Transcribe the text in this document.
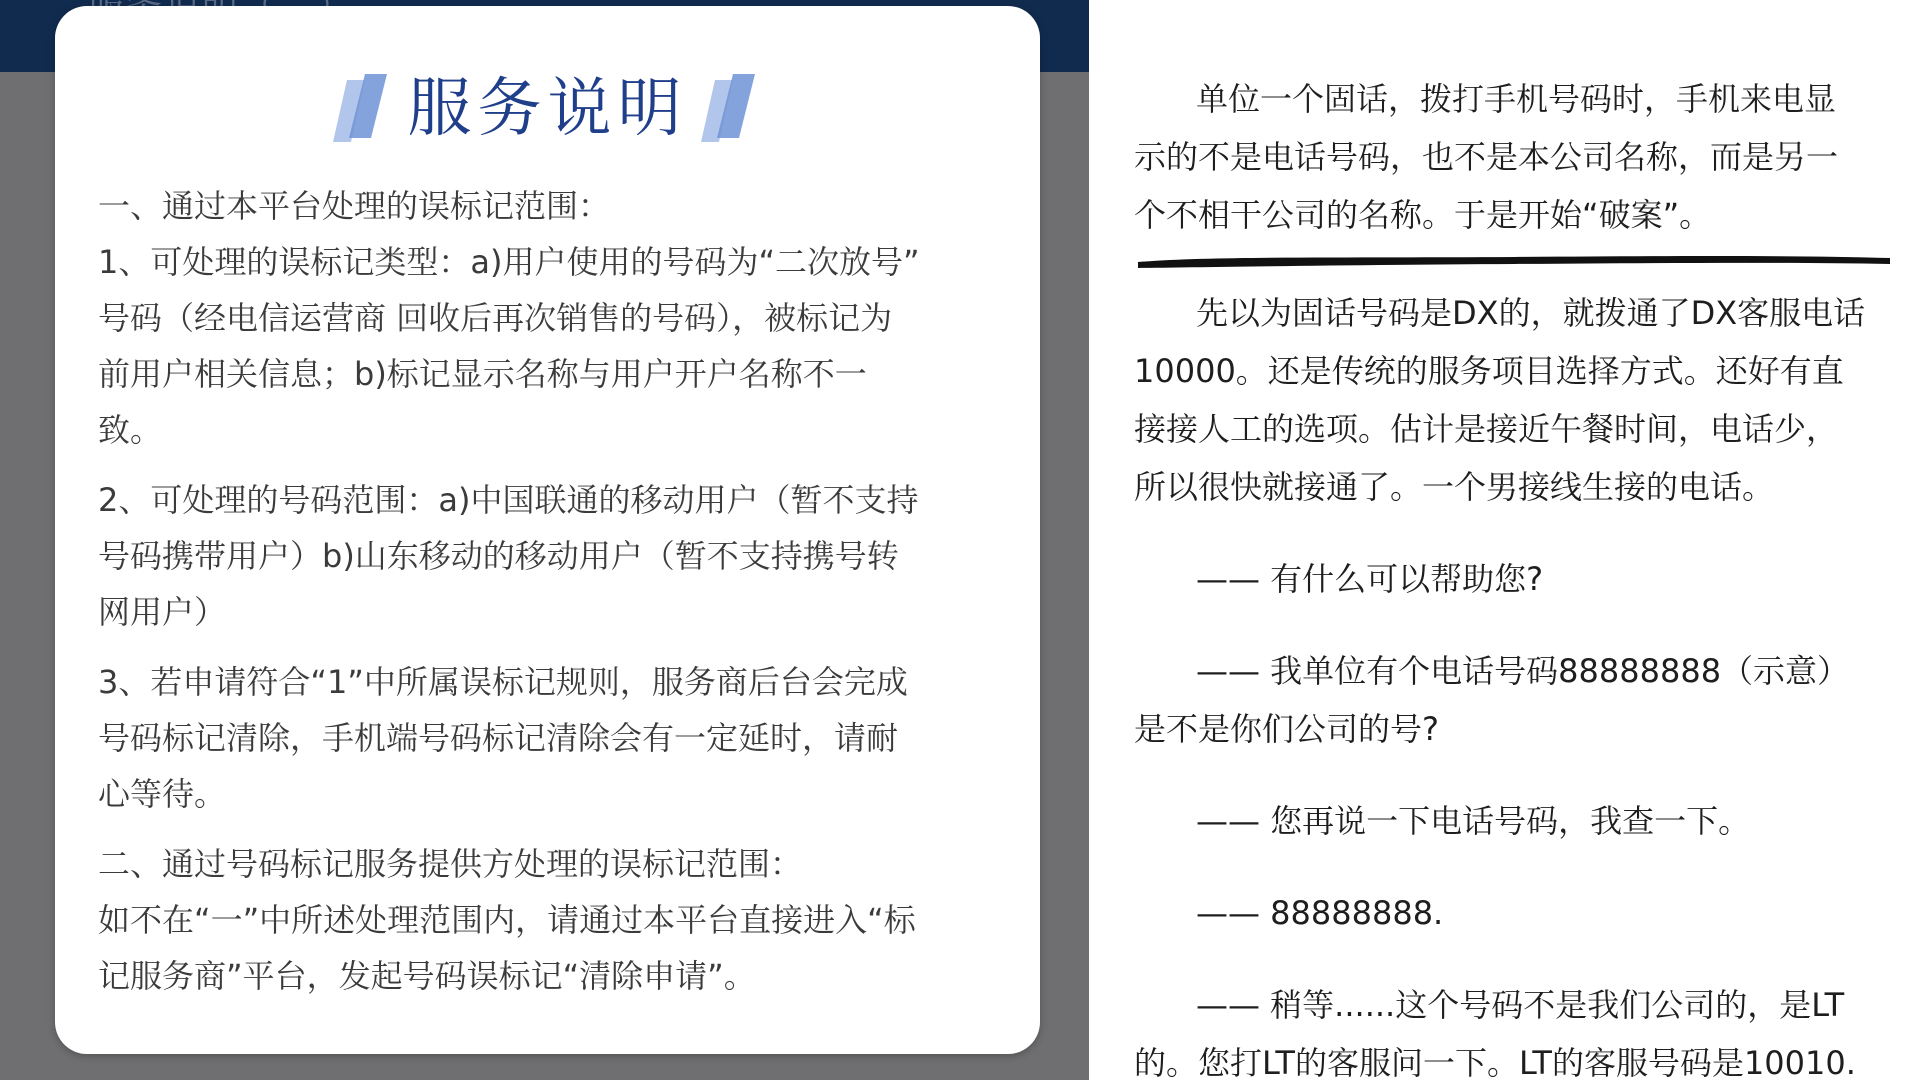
服务说明

一、通过本平台处理的误标记范围：

1、可处理的误标记类型：a)用户使用的号码为“二次放号”

号码（经电信运营商 回收后再次销售的号码），被标记为

前用户相关信息；b)标记显示名称与用户开户名称不一

致。

2、可处理的号码范围：a)中国联通的移动用户（暂不支持

号码携带用户）b)山东移动的移动用户（暂不支持携号转

网用户）

3、若申请符合“1”中所属误标记规则，服务商后台会完成

号码标记清除，手机端号码标记清除会有一定延时，请耐

心等待。

二、通过号码标记服务提供方处理的误标记范围：

如不在“一”中所述处理范围内，请通过本平台直接进入“标

记服务商”平台，发起号码误标记“清除申请”。

单位一个固话，拨打手机号码时，手机来电显

示的不是电话号码，也不是本公司名称，而是另一

个不相干公司的名称。于是开始“破案”。

先以为固话号码是DX的，就拨通了DX客服电话

10000。还是传统的服务项目选择方式。还好有直

接接人工的选项。估计是接近午餐时间，电话少，

所以很快就接通了。一个男接线生接的电话。

—— 有什么可以帮助您?

—— 我单位有个电话号码88888888（示意）

是不是你们公司的号?

—— 您再说一下电话号码，我查一下。

—— 88888888.

—— 稍等......这个号码不是我们公司的，是LT

的。您打LT的客服问一下。LT的客服号码是10010.
